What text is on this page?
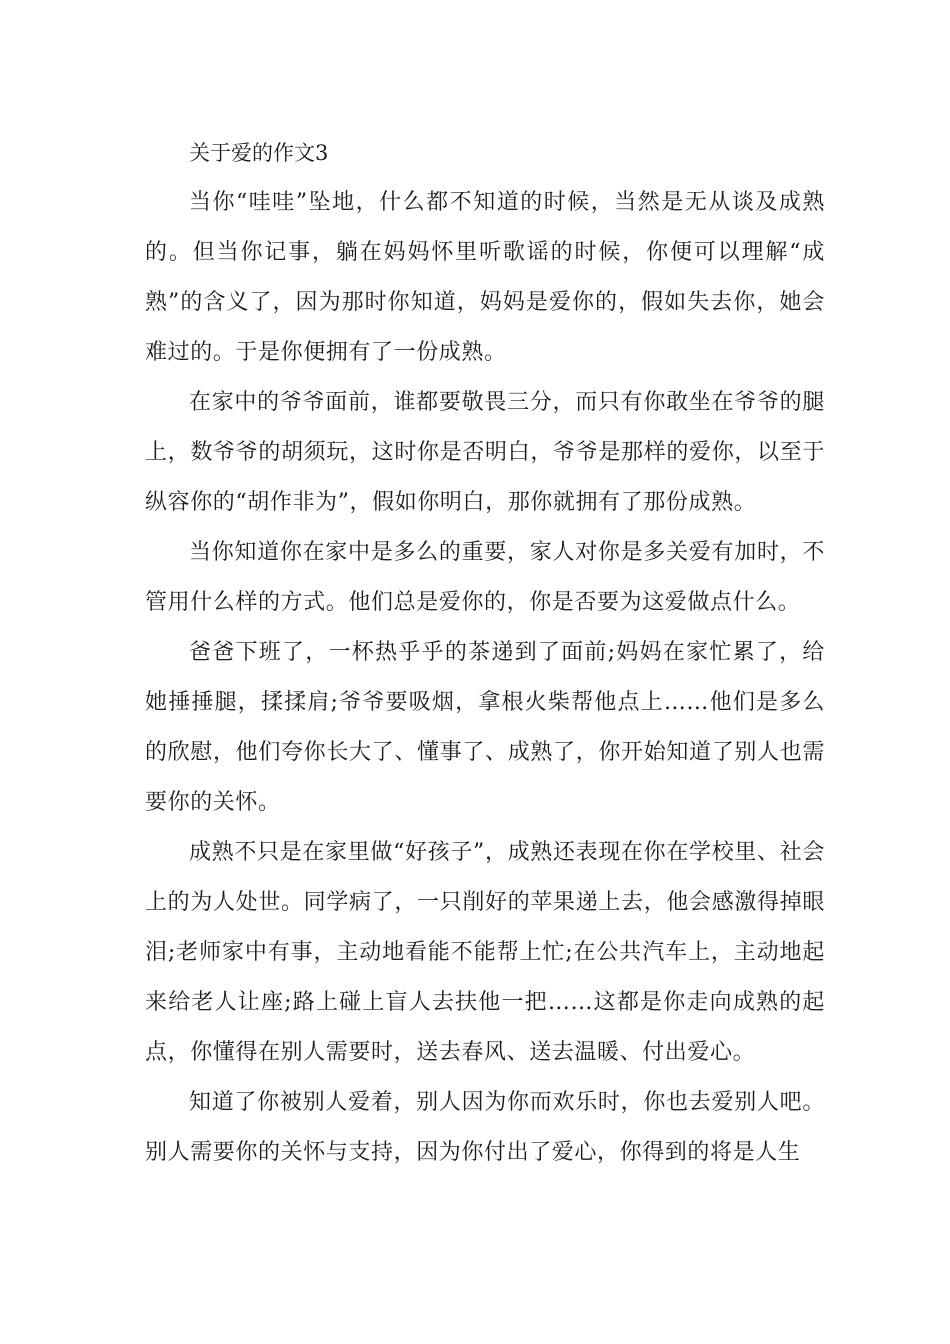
关于爱的作文3

当你“哇哇”坠地，什么都不知道的时候，当然是无从谈及成熟的。但当你记事，躺在妈妈怀里听歌谣的时候，你便可以理解“成熟”的含义了，因为那时你知道，妈妈是爱你的，假如失去你，她会难过的。于是你便拥有了一份成熟。

在家中的爷爷面前，谁都要敬畏三分，而只有你敢坐在爷爷的腿上，数爷爷的胡须玩，这时你是否明白，爷爷是那样的爱你，以至于纵容你的“胡作非为”，假如你明白，那你就拥有了那份成熟。

当你知道你在家中是多么的重要，家人对你是多关爱有加时，不管用什么样的方式。他们总是爱你的，你是否要为这爱做点什么。

爸爸下班了，一杯热乎乎的茶递到了面前;妈妈在家忙累了，给她捶捶腿，揉揉肩;爷爷要吸烟，拿根火柴帮他点上……他们是多么的欣慰，他们夸你长大了、懂事了、成熟了，你开始知道了别人也需要你的关怀。

成熟不只是在家里做“好孩子”，成熟还表现在你在学校里、社会上的为人处世。同学病了，一只削好的苹果递上去，他会感激得掉眼泪;老师家中有事，主动地看能不能帮上忙;在公共汽车上，主动地起来给老人让座;路上碰上盲人去扶他一把……这都是你走向成熟的起点，你懂得在别人需要时，送去春风、送去温暖、付出爱心。

知道了你被别人爱着，别人因为你而欢乐时，你也去爱别人吧。别人需要你的关怀与支持，因为你付出了爱心，你得到的将是人生
